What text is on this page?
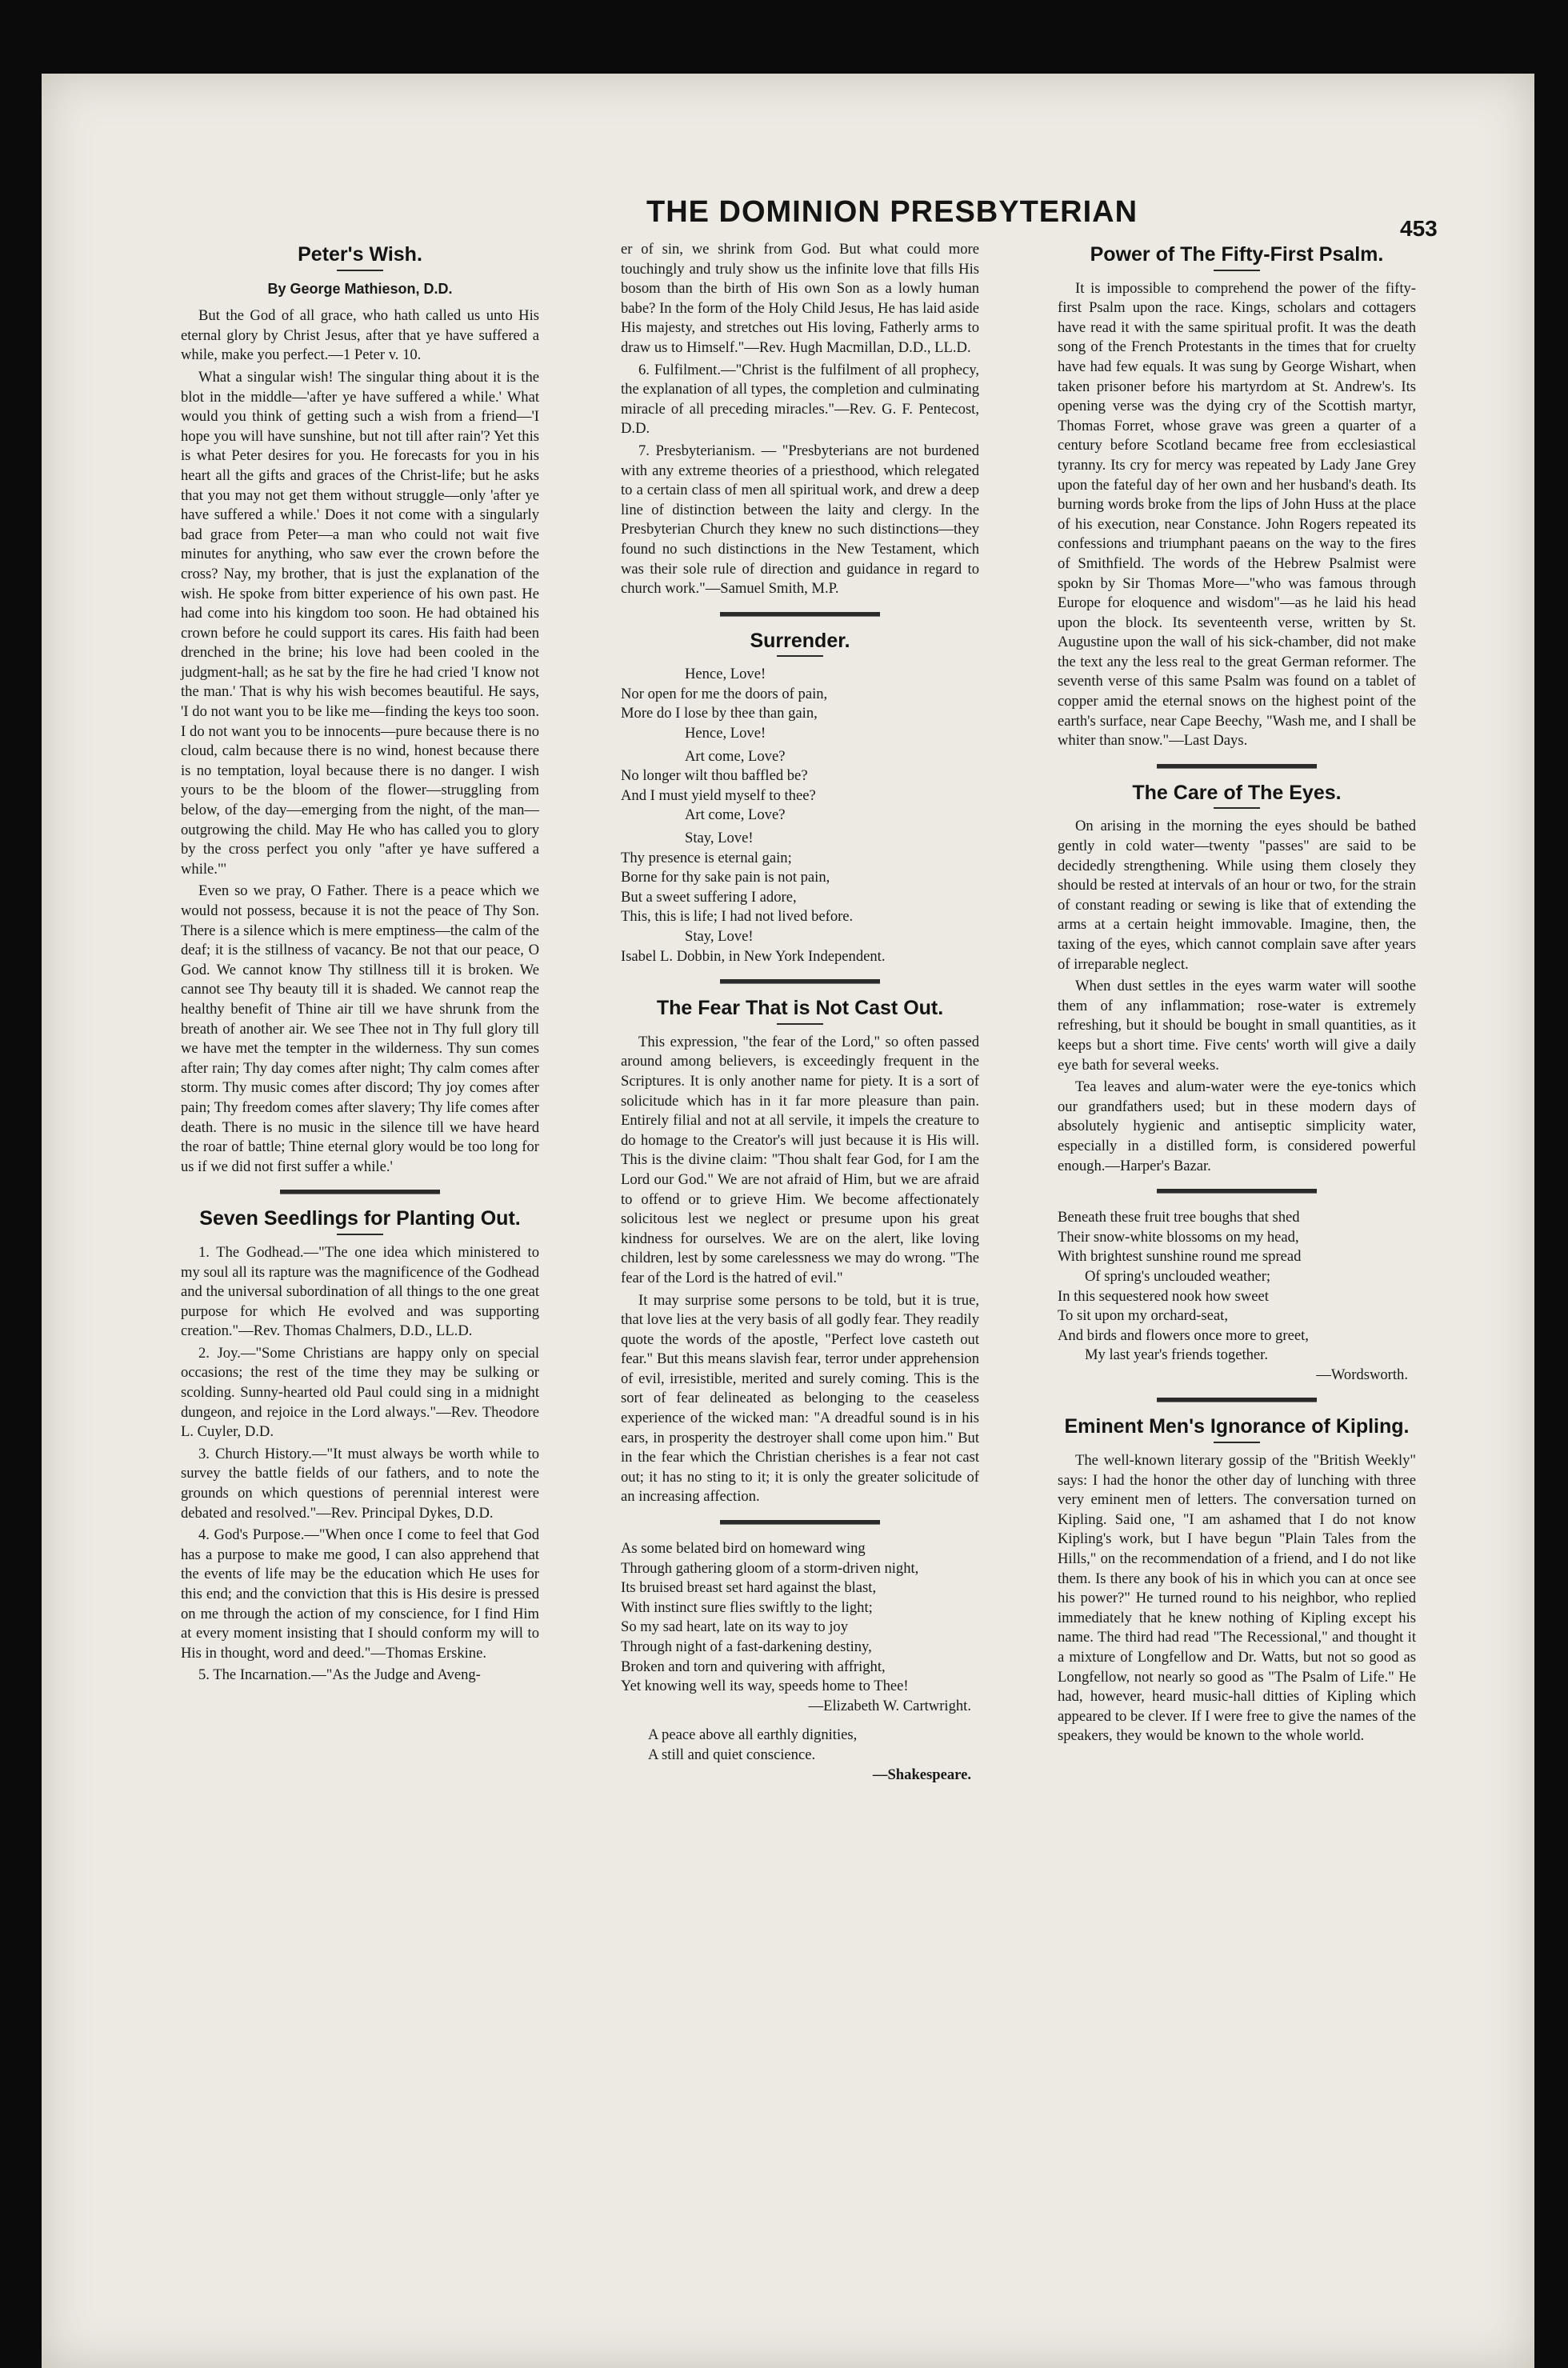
THE DOMINION PRESBYTERIAN	453
Peter's Wish.
By George Mathieson, D.D.

But the God of all grace, who hath called us unto His eternal glory by Christ Jesus, after that ye have suffered a while, make you perfect.—1 Peter v. 10.

What a singular wish! The singular thing about it is the blot in the middle—'after ye have suffered a while.' What would you think of getting such a wish from a friend—'I hope you will have sunshine, but not till after rain'? Yet this is what Peter desires for you. He forecasts for you in his heart all the gifts and graces of the Christ-life; but he asks that you may not get them without struggle—only 'after ye have suffered a while.' Does it not come with a singularly bad grace from Peter—a man who could not wait five minutes for anything, who saw ever the crown before the cross? Nay, my brother, that is just the explanation of the wish. He spoke from bitter experience of his own past. He had come into his kingdom too soon. He had obtained his crown before he could support its cares. His faith had been drenched in the brine; his love had been cooled in the judgment-hall; as he sat by the fire he had cried 'I know not the man.' That is why his wish becomes beautiful. He says, 'I do not want you to be like me—finding the keys too soon. I do not want you to be innocents—pure because there is no cloud, calm because there is no wind, honest because there is no temptation, loyal because there is no danger. I wish yours to be the bloom of the flower—struggling from below, of the day—emerging from the night, of the man—outgrowing the child. May He who has called you to glory by the cross perfect you only "after ye have suffered a while."'

Even so we pray, O Father. There is a peace which we would not possess, because it is not the peace of Thy Son. There is a silence which is mere emptiness—the calm of the deaf; it is the stillness of vacancy. Be not that our peace, O God. We cannot know Thy stillness till it is broken. We cannot see Thy beauty till it is shaded. We cannot reap the healthy benefit of Thine air till we have shrunk from the breath of another air. We see Thee not in Thy full glory till we have met the tempter in the wilderness. Thy sun comes after rain; Thy day comes after night; Thy calm comes after storm. Thy music comes after discord; Thy joy comes after pain; Thy freedom comes after slavery; Thy life comes after death. There is no music in the silence till we have heard the roar of battle; Thine eternal glory would be too long for us if we did not first suffer a while.'

Seven Seedlings for Planting Out.

1. The Godhead.—"The one idea which ministered to my soul all its rapture was the magnificence of the Godhead and the universal subordination of all things to the one great purpose for which He evolved and was supporting creation."—Rev. Thomas Chalmers, D.D., LL.D.

2. Joy.—"Some Christians are happy only on special occasions; the rest of the time they may be sulking or scolding. Sunny-hearted old Paul could sing in a midnight dungeon, and rejoice in the Lord always."—Rev. Theodore L. Cuyler, D.D.

3. Church History.—"It must always be worth while to survey the battle fields of our fathers, and to note the grounds on which questions of perennial interest were debated and resolved."—Rev. Principal Dykes, D.D.

4. God's Purpose.—"When once I come to feel that God has a purpose to make me good, I can also apprehend that the events of life may be the education which He uses for this end; and the conviction that this is His desire is pressed on me through the action of my conscience, for I find Him at every moment insisting that I should conform my will to His in thought, word and deed."—Thomas Erskine.

5. The Incarnation.—"As the Judge and Aveng-

er of sin, we shrink from God. But what could more touchingly and truly show us the infinite love that fills His bosom than the birth of His own Son as a lowly human babe? In the form of the Holy Child Jesus, He has laid aside His majesty, and stretches out His loving, Fatherly arms to draw us to Himself."—Rev. Hugh Macmillan, D.D., LL.D.

6. Fulfilment.—"Christ is the fulfilment of all prophecy, the explanation of all types, the completion and culminating miracle of all preceding miracles."—Rev. G. F. Pentecost, D.D.

7. Presbyterianism. — "Presbyterians are not burdened with any extreme theories of a priesthood, which relegated to a certain class of men all spiritual work, and drew a deep line of distinction between the laity and clergy. In the Presbyterian Church they knew no such distinctions—they found no such distinctions in the New Testament, which was their sole rule of direction and guidance in regard to church work."—Samuel Smith, M.P.

Surrender.
Hence, Love!
Nor open for me the doors of pain,
More do I lose by thee than gain,
Hence, Love!
Art come, Love?
No longer wilt thou baffled be?
And I must yield myself to thee?
Art come, Love?
Stay, Love!
Thy presence is eternal gain;
Borne for thy sake pain is not pain,
But a sweet suffering I adore,
This, this is life; I had not lived before.
Stay, Love!
Isabel L. Dobbin, in New York Independent.
The Fear That is Not Cast Out.

This expression, "the fear of the Lord," so often passed around among believers, is exceedingly frequent in the Scriptures. It is only another name for piety. It is a sort of solicitude which has in it far more pleasure than pain. Entirely filial and not at all servile, it impels the creature to do homage to the Creator's will just because it is His will. This is the divine claim: "Thou shalt fear God, for I am the Lord our God." We are not afraid of Him, but we are afraid to offend or to grieve Him. We become affectionately solicitous lest we neglect or presume upon his great kindness for ourselves. We are on the alert, like loving children, lest by some carelessness we may do wrong. "The fear of the Lord is the hatred of evil."

It may surprise some persons to be told, but it is true, that love lies at the very basis of all godly fear. They readily quote the words of the apostle, "Perfect love casteth out fear." But this means slavish fear, terror under apprehension of evil, irresistible, merited and surely coming. This is the sort of fear delineated as belonging to the ceaseless experience of the wicked man: "A dreadful sound is in his ears, in prosperity the destroyer shall come upon him." But in the fear which the Christian cherishes is a fear not cast out; it has no sting to it; it is only the greater solicitude of an increasing affection.

As some belated bird on homeward wing
Through gathering gloom of a storm-driven night,
Its bruised breast set hard against the blast,
With instinct sure flies swiftly to the light;
So my sad heart, late on its way to joy
Through night of a fast-darkening destiny,
Broken and torn and quivering with affright,
Yet knowing well its way, speeds home to Thee!
—Elizabeth W. Cartwright.
A peace above all earthly dignities,
A still and quiet conscience.
—Shakespeare.
Power of The Fifty-First Psalm.

It is impossible to comprehend the power of the fifty-first Psalm upon the race. Kings, scholars and cottagers have read it with the same spiritual profit. It was the death song of the French Protestants in the times that for cruelty have had few equals. It was sung by George Wishart, when taken prisoner before his martyrdom at St. Andrew's. Its opening verse was the dying cry of the Scottish martyr, Thomas Forret, whose grave was green a quarter of a century before Scotland became free from ecclesiastical tyranny. Its cry for mercy was repeated by Lady Jane Grey upon the fateful day of her own and her husband's death. Its burning words broke from the lips of John Huss at the place of his execution, near Constance. John Rogers repeated its confessions and triumphant paeans on the way to the fires of Smithfield. The words of the Hebrew Psalmist were spokn by Sir Thomas More—"who was famous through Europe for eloquence and wisdom"—as he laid his head upon the block. Its seventeenth verse, written by St. Augustine upon the wall of his sick-chamber, did not make the text any the less real to the great German reformer. The seventh verse of this same Psalm was found on a tablet of copper amid the eternal snows on the highest point of the earth's surface, near Cape Beechy, "Wash me, and I shall be whiter than snow."—Last Days.

The Care of The Eyes.

On arising in the morning the eyes should be bathed gently in cold water—twenty "passes" are said to be decidedly strengthening. While using them closely they should be rested at intervals of an hour or two, for the strain of constant reading or sewing is like that of extending the arms at a certain height immovable. Imagine, then, the taxing of the eyes, which cannot complain save after years of irreparable neglect.

When dust settles in the eyes warm water will soothe them of any inflammation; rose-water is extremely refreshing, but it should be bought in small quantities, as it keeps but a short time. Five cents' worth will give a daily eye bath for several weeks.

Tea leaves and alum-water were the eye-tonics which our grandfathers used; but in these modern days of absolutely hygienic and antiseptic simplicity water, especially in a distilled form, is considered powerful enough.—Harper's Bazar.

Beneath these fruit tree boughs that shed
Their snow-white blossoms on my head,
With brightest sunshine round me spread
Of spring's unclouded weather;
In this sequestered nook how sweet
To sit upon my orchard-seat,
And birds and flowers once more to greet,
My last year's friends together.
—Wordsworth.
Eminent Men's Ignorance of Kipling.

The well-known literary gossip of the "British Weekly" says: I had the honor the other day of lunching with three very eminent men of letters. The conversation turned on Kipling. Said one, "I am ashamed that I do not know Kipling's work, but I have begun "Plain Tales from the Hills," on the recommendation of a friend, and I do not like them. Is there any book of his in which you can at once see his power?" He turned round to his neighbor, who replied immediately that he knew nothing of Kipling except his name. The third had read "The Recessional," and thought it a mixture of Longfellow and Dr. Watts, but not so good as Longfellow, not nearly so good as "The Psalm of Life." He had, however, heard music-hall ditties of Kipling which appeared to be clever. If I were free to give the names of the speakers, they would be known to the whole world.
